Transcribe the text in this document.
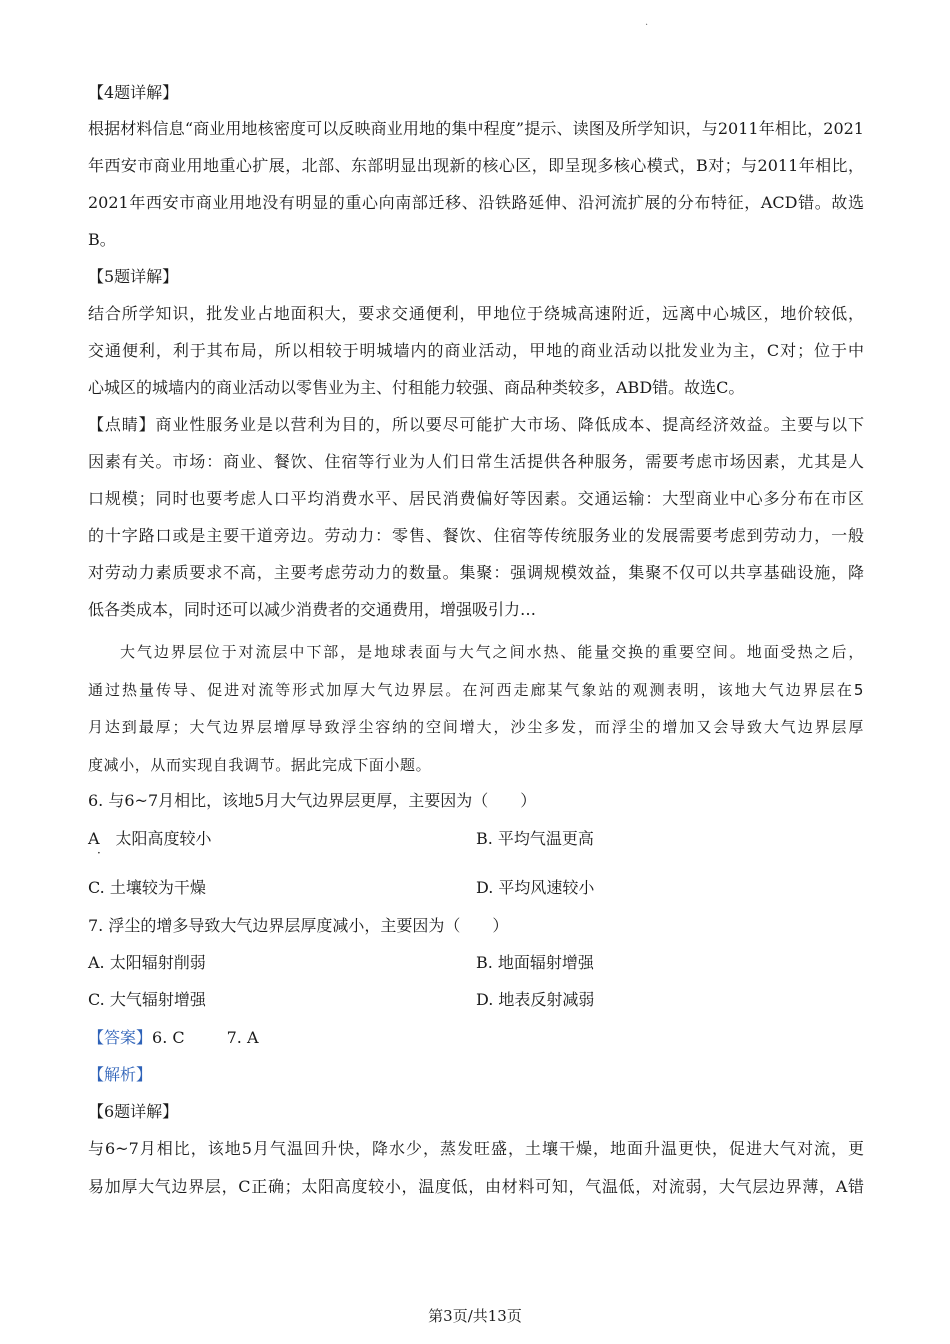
·
【4题详解】
根据材料信息“商业用地核密度可以反映商业用地的集中程度”提示、读图及所学知识，与2011年相比，2021
年西安市商业用地重心扩展，北部、东部明显出现新的核心区，即呈现多核心模式，B对；与2011年相比，
2021年西安市商业用地没有明显的重心向南部迁移、沿铁路延伸、沿河流扩展的分布特征，ACD错。故选
B。
【5题详解】
结合所学知识，批发业占地面积大，要求交通便利，甲地位于绕城高速附近，远离中心城区，地价较低，
交通便利，利于其布局，所以相较于明城墙内的商业活动，甲地的商业活动以批发业为主，C对；位于中
心城区的城墙内的商业活动以零售业为主、付租能力较强、商品种类较多，ABD错。故选C。
【点睛】商业性服务业是以营利为目的，所以要尽可能扩大市场、降低成本、提高经济效益。主要与以下
因素有关。市场：商业、餐饮、住宿等行业为人们日常生活提供各种服务，需要考虑市场因素，尤其是人
口规模；同时也要考虑人口平均消费水平、居民消费偏好等因素。交通运输：大型商业中心多分布在市区
的十字路口或是主要干道旁边。劳动力：零售、餐饮、住宿等传统服务业的发展需要考虑到劳动力，一般
对劳动力素质要求不高，主要考虑劳动力的数量。集聚：强调规模效益，集聚不仅可以共享基础设施，降
低各类成本，同时还可以减少消费者的交通费用，增强吸引力…
大气边界层位于对流层中下部，是地球表面与大气之间水热、能量交换的重要空间。地面受热之后，
通过热量传导、促进对流等形式加厚大气边界层。在河西走廊某气象站的观测表明，该地大气边界层在5
月达到最厚；大气边界层增厚导致浮尘容纳的空间增大，沙尘多发，而浮尘的增加又会导致大气边界层厚
度减小，从而实现自我调节。据此完成下面小题。
6. 与6~7月相比，该地5月大气边界层更厚，主要因为（　　）
A　太阳高度较小
·
B. 平均气温更高
C. 土壤较为干燥	D. 平均风速较小
7. 浮尘的增多导致大气边界层厚度减小，主要因为（　　）
A. 太阳辐射削弱	B. 地面辐射增强
C. 大气辐射增强	D. 地表反射减弱
【答案】6. C	7. A
【解析】
【6题详解】
与6~7月相比，该地5月气温回升快，降水少，蒸发旺盛，土壤干燥，地面升温更快，促进大气对流，更
易加厚大气边界层，C正确；太阳高度较小，温度低，由材料可知，气温低，对流弱，大气层边界薄，A错
第3页/共13页
